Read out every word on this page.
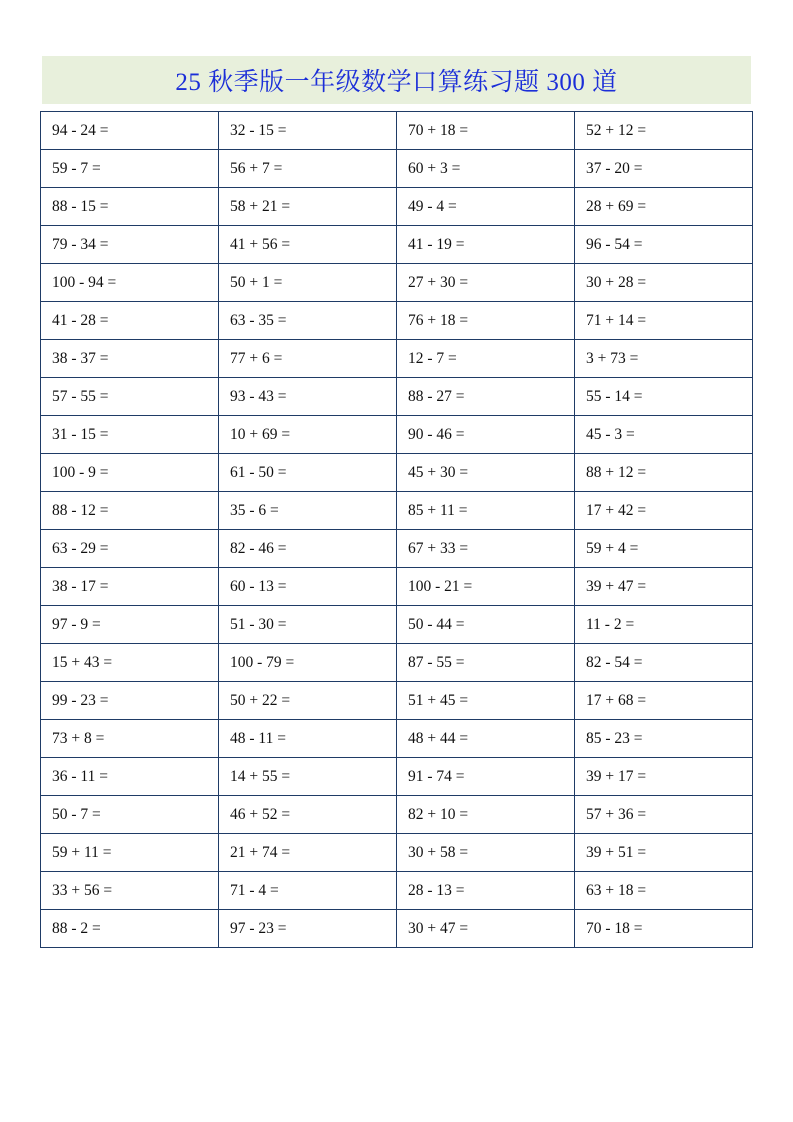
25 秋季版一年级数学口算练习题 300 道
94 - 24 =	32 - 15 =	70 + 18 =	52 + 12 =
59 - 7 =	56 + 7 =	60 + 3 =	37 - 20 =
88 - 15 =	58 + 21 =	49 - 4 =	28 + 69 =
79 - 34 =	41 + 56 =	41 - 19 =	96 - 54 =
100 - 94 =	50 + 1 =	27 + 30 =	30 + 28 =
41 - 28 =	63 - 35 =	76 + 18 =	71 + 14 =
38 - 37 =	77 + 6 =	12 - 7 =	3 + 73 =
57 - 55 =	93 - 43 =	88 - 27 =	55 - 14 =
31 - 15 =	10 + 69 =	90 - 46 =	45 - 3 =
100 - 9 =	61 - 50 =	45 + 30 =	88 + 12 =
88 - 12 =	35 - 6 =	85 + 11 =	17 + 42 =
63 - 29 =	82 - 46 =	67 + 33 =	59 + 4 =
38 - 17 =	60 - 13 =	100 - 21 =	39 + 47 =
97 - 9 =	51 - 30 =	50 - 44 =	11 - 2 =
15 + 43 =	100 - 79 =	87 - 55 =	82 - 54 =
99 - 23 =	50 + 22 =	51 + 45 =	17 + 68 =
73 + 8 =	48 - 11 =	48 + 44 =	85 - 23 =
36 - 11 =	14 + 55 =	91 - 74 =	39 + 17 =
50 - 7 =	46 + 52 =	82 + 10 =	57 + 36 =
59 + 11 =	21 + 74 =	30 + 58 =	39 + 51 =
33 + 56 =	71 - 4 =	28 - 13 =	63 + 18 =
88 - 2 =	97 - 23 =	30 + 47 =	70 - 18 =
